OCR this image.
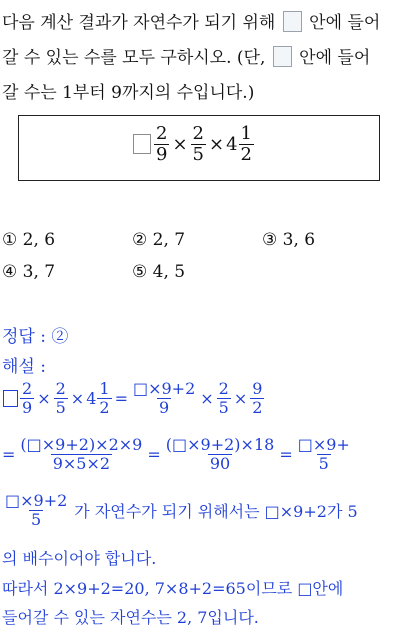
다음 계산 결과가 자연수가 되기 위해 안에 들어
갈 수 있는 수를 모두 구하시오. (단, 안에 들어
갈 수는 1부터 9까지의 수입니다.)
$\frac{2}{9} \times \frac{2}{5} \times 4 \frac{1}{2}$
① 2, 6	② 2, 7	③ 3, 6
④ 3, 7	⑤ 4, 5
정답 : ②
해설 :
$\frac{2}{9} \times \frac{2}{5} \times 4 \frac{1}{2} = \frac{□\times 9+2}{9} \times \frac{2}{5} \times \frac{9}{2}$
= $\frac{(□\times 9+2)\times 2\times 9}{9\times 5\times 2} = \frac{(□\times 9+2)\times 18}{90} = \frac{□\times 9+}{5}$
$\frac{□\times 9+2}{5}$ 가 자연수가 되기 위해서는 □×9+2가 5
의 배수이어야 합니다.
따라서 2×9+2=20, 7×8+2=65이므로 □안에
들어갈 수 있는 자연수는 2, 7입니다.
